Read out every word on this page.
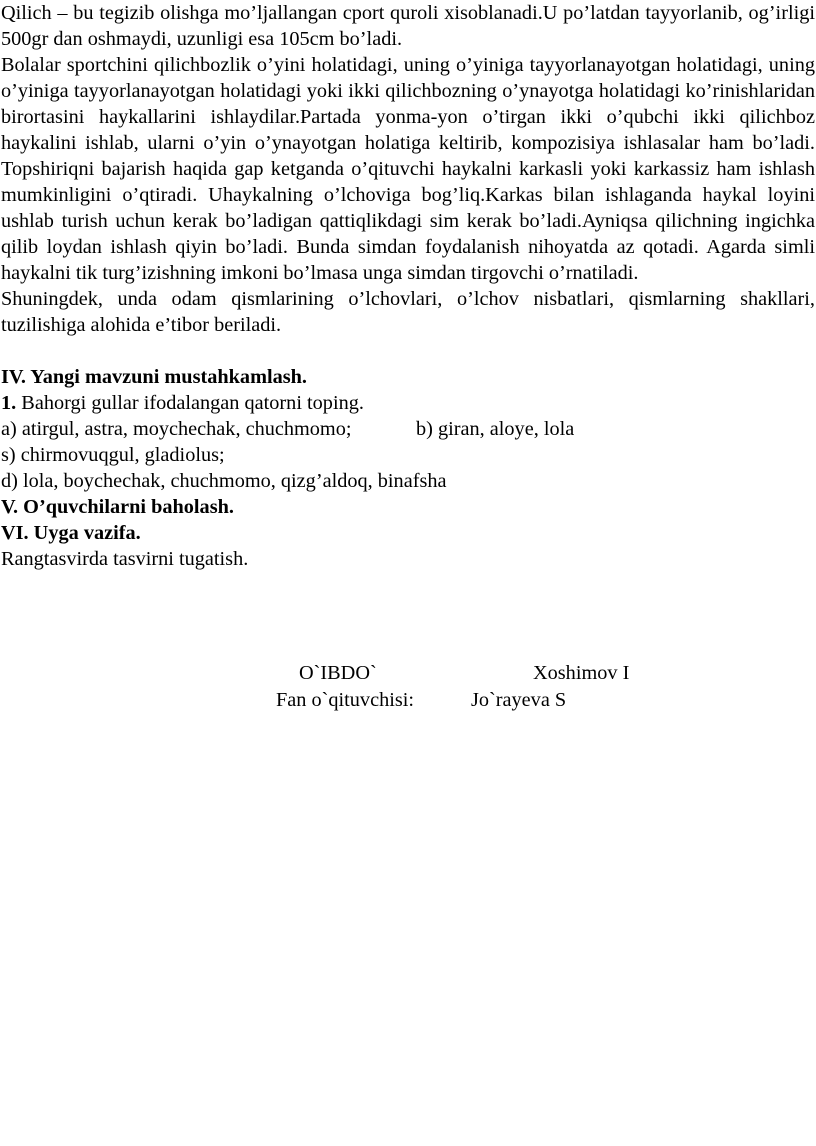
Qilich – bu tegizib olishga mo’ljallangan cport quroli xisoblanadi.U po’latdan tayyorlanib, og’irligi 500gr dan oshmaydi, uzunligi esa 105cm bo’ladi.

Bolalar sportchini qilichbozlik o’yini holatidagi, uning o’yiniga tayyorlanayotgan holatidagi, uning o’yiniga tayyorlanayotgan holatidagi yoki ikki qilichbozning o’ynayotga holatidagi ko’rinishlaridan birortasini haykallarini ishlaydilar.Partada yonma-yon o’tirgan ikki o’qubchi ikki qilichboz haykalini ishlab, ularni o’yin o’ynayotgan holatiga keltirib, kompozisiya ishlasalar ham bo’ladi. Topshiriqni bajarish haqida gap ketganda o’qituvchi haykalni karkasli yoki karkassiz ham ishlash mumkinligini o’qtiradi. Uhaykalning o’lchoviga bog’liq.Karkas bilan ishlaganda haykal loyini ushlab turish uchun kerak bo’ladigan qattiqlikdagi sim kerak bo’ladi.Ayniqsa qilichning ingichka qilib loydan ishlash qiyin bo’ladi. Bunda simdan foydalanish nihoyatda az qotadi. Agarda simli haykalni tik turg’izishning imkoni bo’lmasa unga simdan tirgovchi o’rnatiladi.

Shuningdek, unda odam qismlarining o’lchovlari, o’lchov nisbatlari, qismlarning shakllari, tuzilishiga alohida e’tibor beriladi.

IV. Yangi mavzuni mustahkamlash.
1. Bahorgi gullar ifodalangan qatorni toping.
a) atirgul, astra, moychechak, chuchmomo;	b) giran, aloye, lola
s) chirmovuqgul, gladiolus;
d) lola, boychechak, chuchmomo, qizg’aldoq, binafsha
V. O’quvchilarni baholash.
VI. Uyga vazifa.
Rangtasvirda tasvirni tugatish.
O`IBDO`	Xoshimov I
Fan o`qituvchisi:	Jo`rayeva S
